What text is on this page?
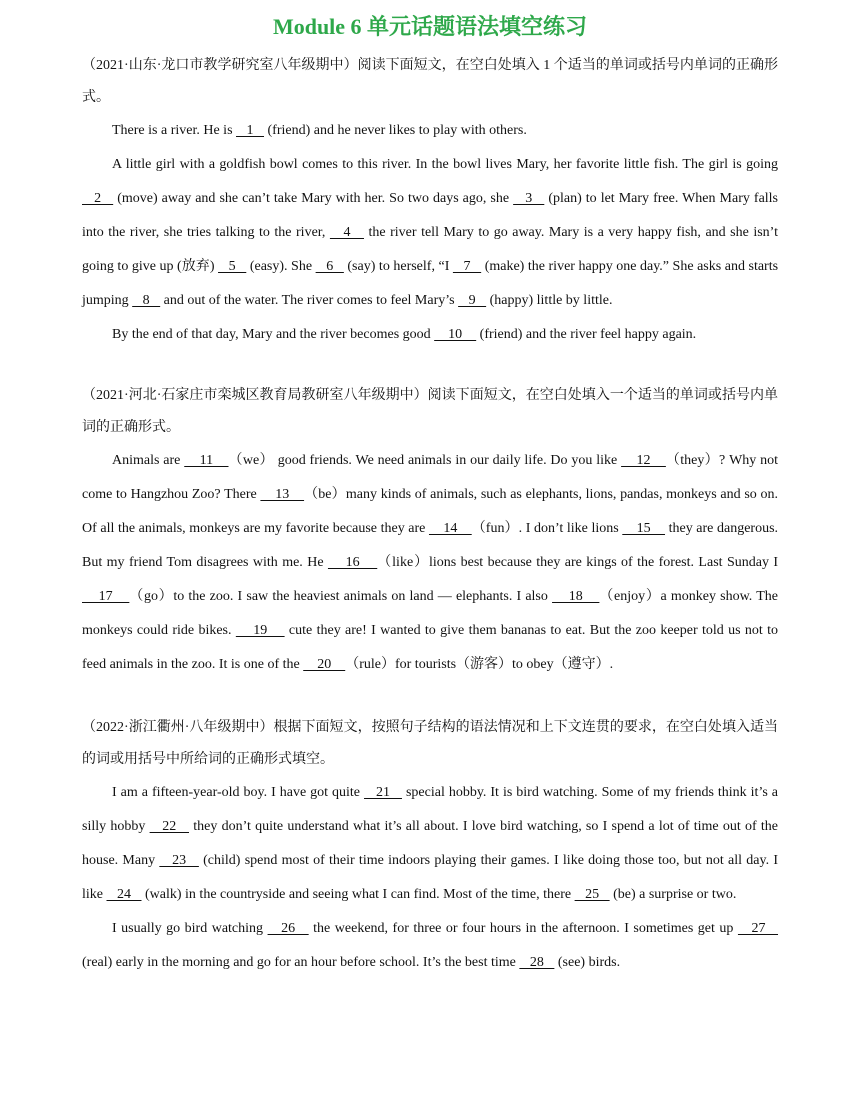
Module 6 单元话题语法填空练习

（2021·山东·龙口市教学研究室八年级期中）阅读下面短文，在空白处填入 1 个适当的单词或括号内单词的正确形式。

There is a river. He is    1    (friend) and he never likes to play with others.

A little girl with a goldfish bowl comes to this river. In the bowl lives Mary, her favorite little fish. The girl is going    2    (move) away and she can’t take Mary with her. So two days ago, she    3    (plan) to let Mary free. When Mary falls into the river, she tries talking to the river,    4    the river tell Mary to go away. Mary is a very happy fish, and she isn’t going to give up (放弃)    5    (easy). She    6    (say) to herself, “I    7    (make) the river happy one day.” She asks and starts jumping    8    and out of the water. The river comes to feel Mary’s    9    (happy) little by little.

By the end of that day, Mary and the river becomes good     10     (friend) and the river feel happy again.

（2021·河北·石家庄市栾城区教育局教研室八年级期中）阅读下面短文，在空白处填入一个适当的单词或括号内单词的正确形式。

Animals are     11    （we） good friends. We need animals in our daily life. Do you like     12    （they）? Why not come to Hangzhou Zoo? There     13    （be）many kinds of animals, such as elephants, lions, pandas, monkeys and so on. Of all the animals, monkeys are my favorite because they are     14    （fun）. I don’t like lions     15     they are dangerous. But my friend Tom disagrees with me. He     16    （like）lions best because they are kings of the forest. Last Sunday I     17    （go）to the zoo. I saw the heaviest animals on land — elephants. I also     18    （enjoy）a monkey show. The monkeys could ride bikes.     19     cute they are! I wanted to give them bananas to eat. But the zoo keeper told us not to feed animals in the zoo. It is one of the     20    （rule）for tourists（游客）to obey（遵守）.

（2022·浙江衢州·八年级期中）根据下面短文，按照句子结构的语法情况和上下文连贯的要求，在空白处填入适当的词或用括号中所给词的正确形式填空。

I am a fifteen-year-old boy. I have got quite    21    special hobby. It is bird watching. Some of my friends think it’s a silly hobby    22    they don’t quite understand what it’s all about. I love bird watching, so I spend a lot of time out of the house. Many    23    (child) spend most of their time indoors playing their games. I like doing those too, but not all day. I like    24    (walk) in the countryside and seeing what I can find. Most of the time, there    25    (be) a surprise or two.

I usually go bird watching    26    the weekend, for three or four hours in the afternoon. I sometimes get up    27    (real) early in the morning and go for an hour before school. It’s the best time    28    (see) birds.
